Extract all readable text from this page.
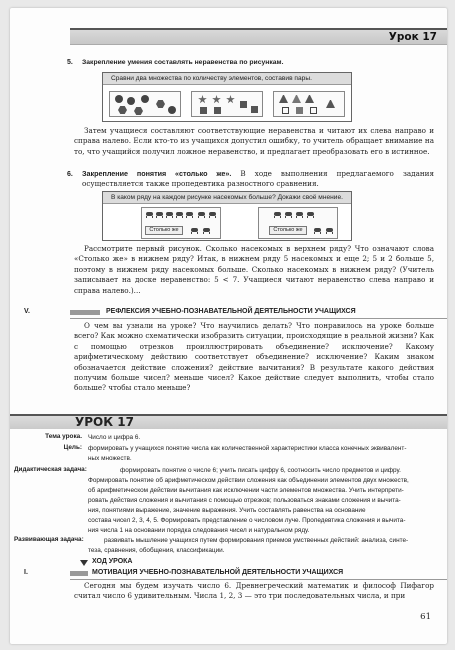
Урок 17
5. Закрепление умения составлять неравенства по рисункам.
Сравни два множества по количеству элементов, составив пары.

Затем учащиеся составляют соответствующие неравенства и читают их слева направо и справа налево. Если кто-то из учащихся допустил ошибку, то учитель обращает внимание на то, что учащийся получил ложное неравенство, и предлагает преобразовать его в истинное.

6. Закрепление понятия «столько же». В ходе выполнения предлагаемого задания осуществляется также пропедевтика разностного сравнения.

В каком ряду на каждом рисунке насекомых больше? Докажи своё мнение.
Столько же	Столько же

Рассмотрите первый рисунок. Сколько насекомых в верхнем ряду? Что означают слова «Столько же» в нижнем ряду? Итак, в нижнем ряду 5 насекомых и еще 2; 5 и 2 больше 5, поэтому в нижнем ряду насекомых больше. Сколько насекомых в нижнем ряду? (Учитель записывает на доске неравенство: 5 < 7. Учащиеся читают неравенство слева направо и справа налево.)...

V.	РЕФЛЕКСИЯ УЧЕБНО-ПОЗНАВАТЕЛЬНОЙ ДЕЯТЕЛЬНОСТИ УЧАЩИХСЯ

О чем вы узнали на уроке? Что научились делать? Что понравилось на уроке больше всего? Как можно схематически изобразить ситуации, происходящие в реальной жизни? Как с помощью отрезков проиллюстрировать объединение? исключение? Какому арифметическому действию соответствует объединение? исключение? Каким знаком обозначается действие сложения? действие вычитания? В результате какого действия получим больше чисел? меньше чисел? Какое действие следует выполнить, чтобы стало больше? чтобы стало меньше?

УРОК 17
Тема урока. Число и цифра 6.
Цель: формировать у учащихся понятие числа как количественной характеристики класса конечных эквивалент-
ных множеств.
Дидактическая задача:	формировать понятие о числе 6; учить писать цифру 6, соотносить число предметов и цифру.
Формировать понятие об арифметическом действии сложения как объединении элементов двух множеств,
об арифметическом действии вычитания как исключении части элементов множества. Учить интерпрети-
ровать действия сложения и вычитания с помощью отрезков; пользоваться знаками сложения и вычита-
ния, понятиями выражение, значение выражения. Учить составлять равенства на основание
состава чисел 2, 3, 4, 5. Формировать представление о числовом луче. Пропедевтика сложения и вычита-
ния числа 1 на основании порядка следования чисел и натуральном ряду.
Развивающая задача:	развивать мышление учащихся путем формирования приемов умственных действий: анализа, синте-
теза, сравнения, обобщения, классификации.
ХОД УРОКА
I.	МОТИВАЦИЯ УЧЕБНО-ПОЗНАВАТЕЛЬНОЙ ДЕЯТЕЛЬНОСТИ УЧАЩИХСЯ

Сегодня мы будем изучать число 6. Древнегреческий математик и философ Пифагор считал число 6 удивительным. Числа 1, 2, 3 — это три последовательных числа, и при

61
